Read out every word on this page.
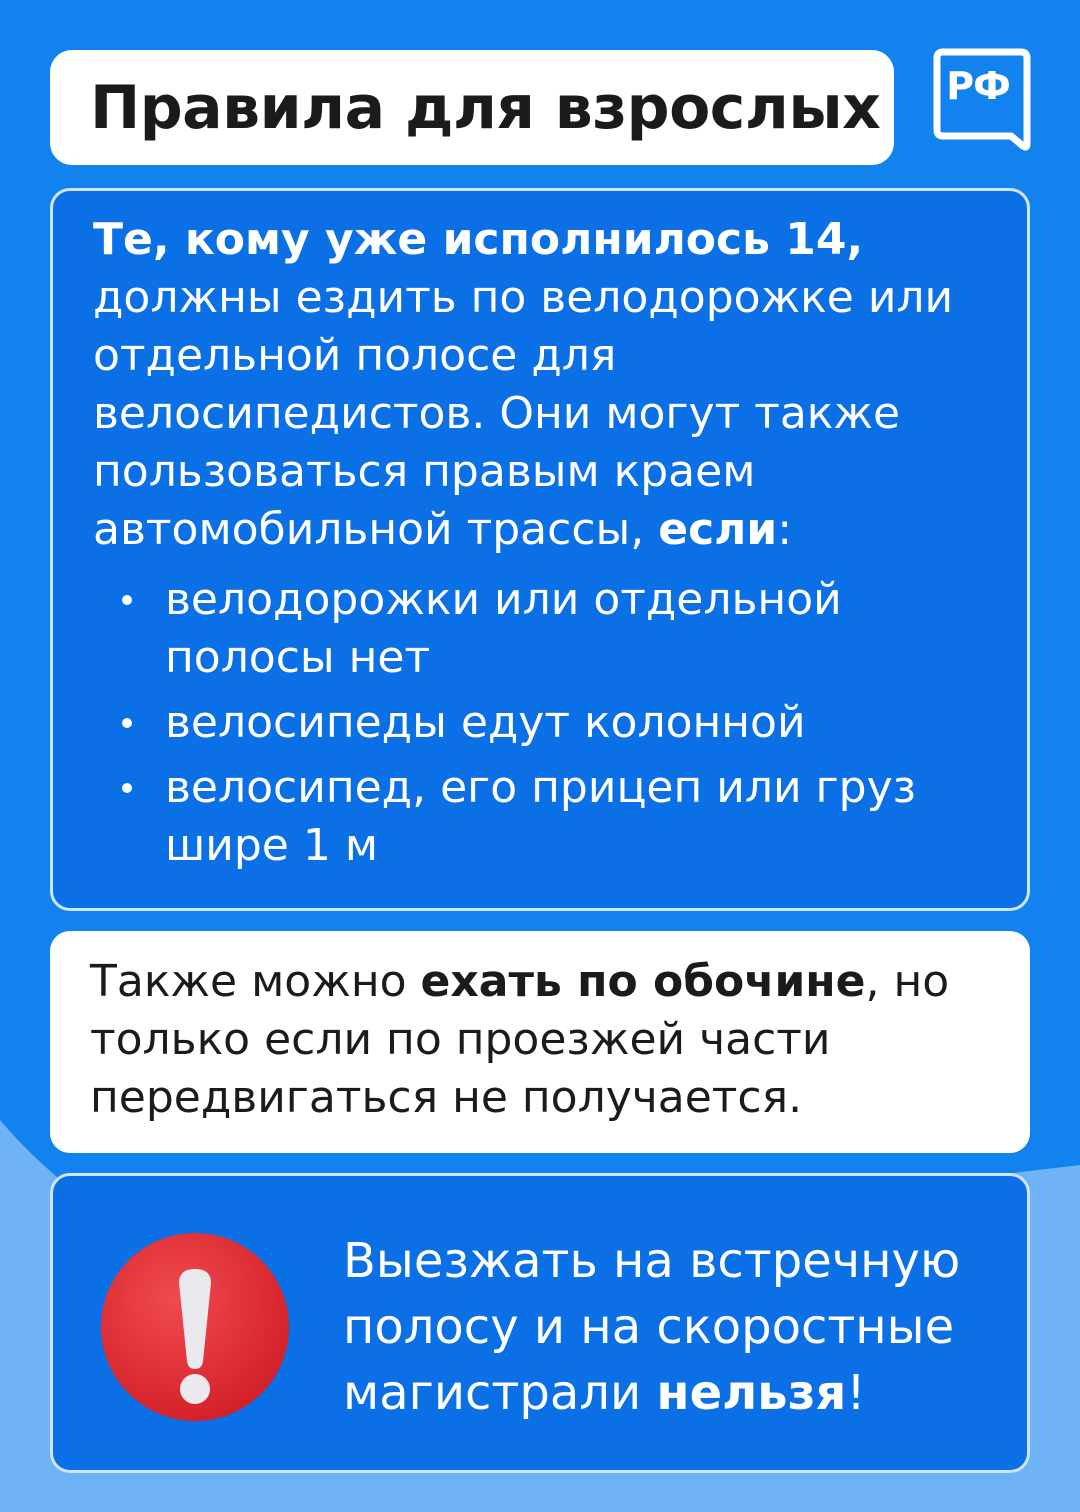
Правила для взрослых	РФ

Те, кому уже исполнилось 14, должны ездить по велодорожке или отдельной полосе для велосипедистов. Они могут также пользоваться правым краем автомобильной трассы, если:

велодорожки или отдельной полосы нет
велосипеды едут колонной
велосипед, его прицеп или груз шире 1 м

Также можно ехать по обочине, но только если по проезжей части передвигаться не получается.

Выезжать на встречную полосу и на скоростные магистрали нельзя!
